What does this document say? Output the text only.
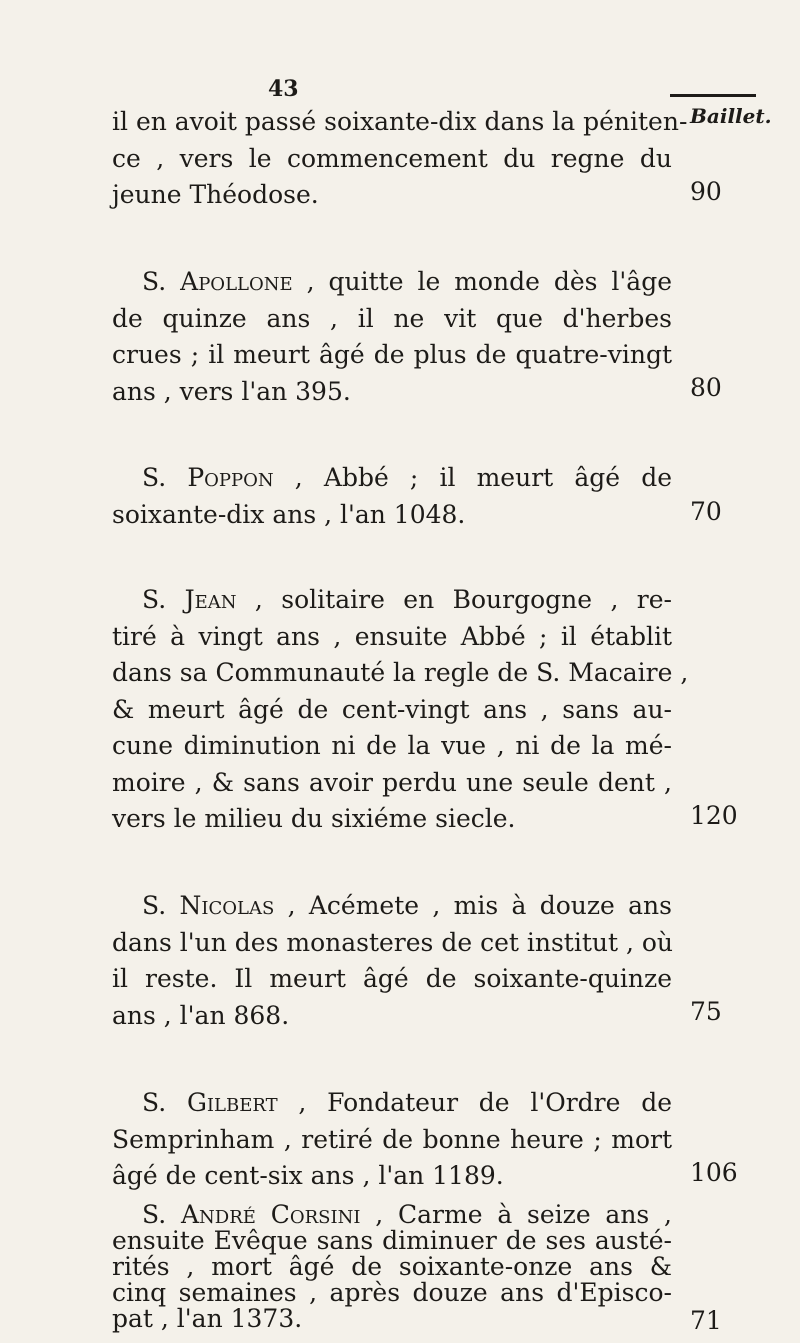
43
Baillet.
il en avoit passé soixante-dix dans la péniten-
ce , vers le commencement du regne du
jeune Théodose.	90
S. Apollone , quitte le monde dès l'âge
de quinze ans , il ne vit que d'herbes
crues ; il meurt âgé de plus de quatre-vingt
ans , vers l'an 395.	80
S. Poppon , Abbé ; il meurt âgé de
soixante-dix ans , l'an 1048.	70
S. Jean , solitaire en Bourgogne , re-
tiré à vingt ans , ensuite Abbé ; il établit
dans sa Communauté la regle de S. Macaire ,
& meurt âgé de cent-vingt ans , sans au-
cune diminution ni de la vue , ni de la mé-
moire , & sans avoir perdu une seule dent ,
vers le milieu du sixiéme siecle.	120
S. Nicolas , Acémete , mis à douze ans
dans l'un des monasteres de cet institut , où
il reste. Il meurt âgé de soixante-quinze
ans , l'an 868.	75
S. Gilbert , Fondateur de l'Ordre de
Semprinham , retiré de bonne heure ; mort
âgé de cent-six ans , l'an 1189.	106
S. André Corsini , Carme à seize ans ,
ensuite Evêque sans diminuer de ses austé-
rités , mort âgé de soixante-onze ans &
cinq semaines , après douze ans d'Episco-
pat , l'an 1373.	71
